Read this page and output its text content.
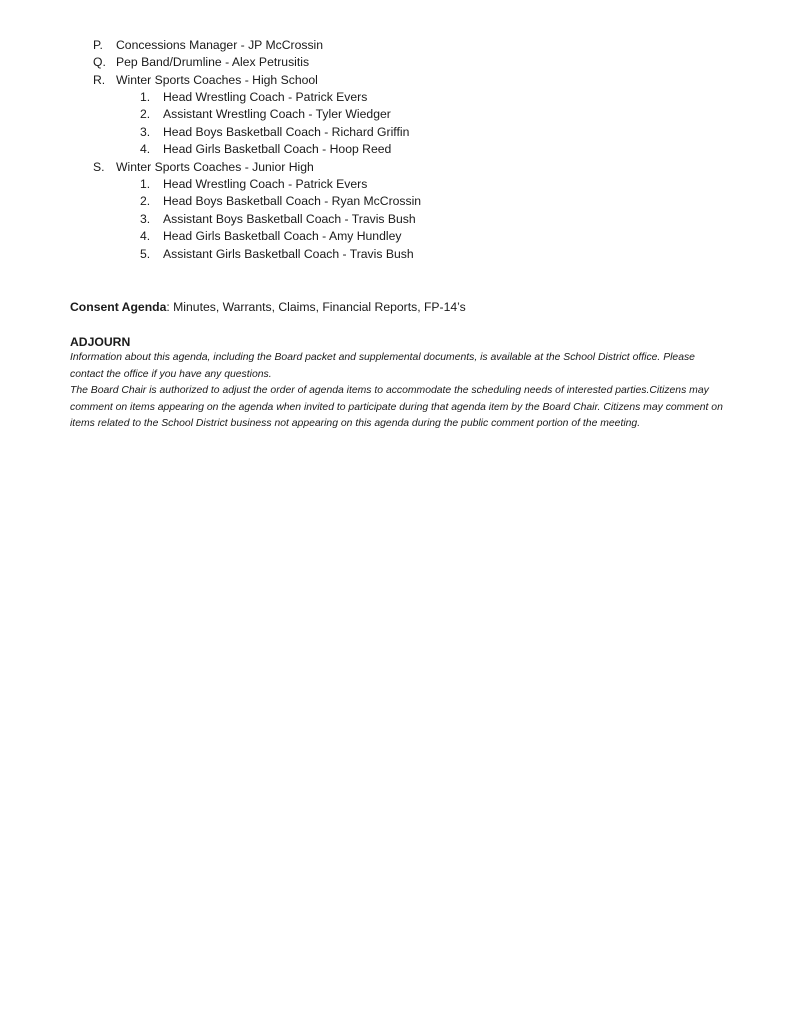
P. Concessions Manager - JP McCrossin
Q. Pep Band/Drumline - Alex Petrusitis
R. Winter Sports Coaches - High School
1. Head Wrestling Coach - Patrick Evers
2. Assistant Wrestling Coach - Tyler Wiedger
3. Head Boys Basketball Coach - Richard Griffin
4. Head Girls Basketball Coach - Hoop Reed
S. Winter Sports Coaches - Junior High
1. Head Wrestling Coach - Patrick Evers
2. Head Boys Basketball Coach - Ryan McCrossin
3. Assistant Boys Basketball Coach - Travis Bush
4. Head Girls Basketball Coach - Amy Hundley
5. Assistant Girls Basketball Coach - Travis Bush
Consent Agenda: Minutes, Warrants, Claims, Financial Reports, FP-14’s
ADJOURN
Information about this agenda, including the Board packet and supplemental documents, is available at the School District office. Please contact the office if you have any questions.
The Board Chair is authorized to adjust the order of agenda items to accommodate the scheduling needs of interested parties.Citizens may comment on items appearing on the agenda when invited to participate during that agenda item by the Board Chair. Citizens may comment on items related to the School District business not appearing on this agenda during the public comment portion of the meeting.
